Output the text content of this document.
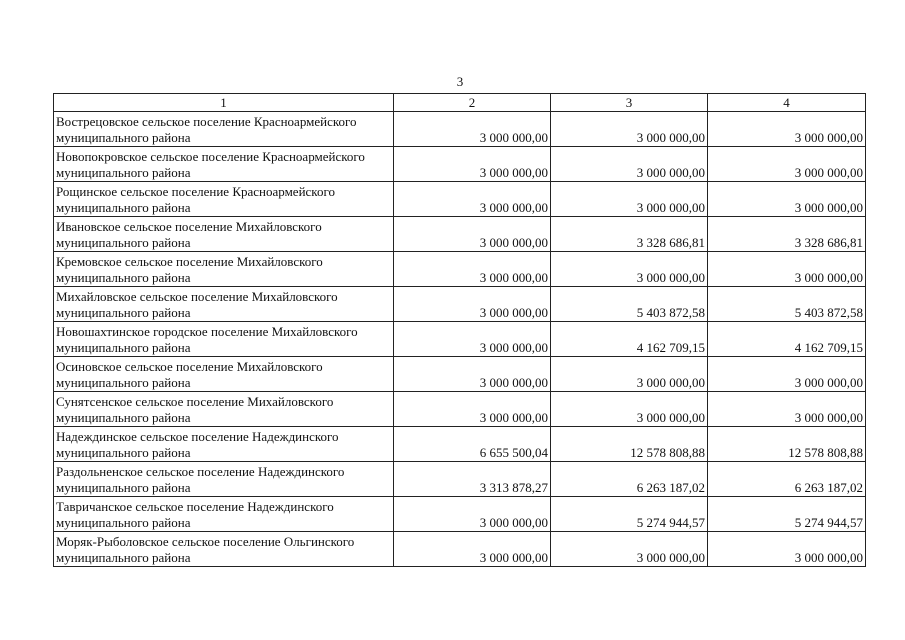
3
1	2	3	4
Вострецовское сельское поселение Красноармейского муниципального района	3 000 000,00	3 000 000,00	3 000 000,00
Новопокровское сельское поселение Красноармейского муниципального района	3 000 000,00	3 000 000,00	3 000 000,00
Рощинское сельское поселение Красноармейского муниципального района	3 000 000,00	3 000 000,00	3 000 000,00
Ивановское сельское поселение Михайловского муниципального района	3 000 000,00	3 328 686,81	3 328 686,81
Кремовское сельское поселение Михайловского муниципального района	3 000 000,00	3 000 000,00	3 000 000,00
Михайловское сельское поселение Михайловского муниципального района	3 000 000,00	5 403 872,58	5 403 872,58
Новошахтинское городское поселение Михайловского муниципального района	3 000 000,00	4 162 709,15	4 162 709,15
Осиновское сельское поселение Михайловского муниципального района	3 000 000,00	3 000 000,00	3 000 000,00
Сунятсенское сельское поселение Михайловского муниципального района	3 000 000,00	3 000 000,00	3 000 000,00
Надеждинское сельское поселение Надеждинского муниципального района	6 655 500,04	12 578 808,88	12 578 808,88
Раздольненское сельское поселение Надеждинского муниципального района	3 313 878,27	6 263 187,02	6 263 187,02
Тавричанское сельское поселение Надеждинского муниципального района	3 000 000,00	5 274 944,57	5 274 944,57
Моряк-Рыболовское сельское поселение Ольгинского муниципального района	3 000 000,00	3 000 000,00	3 000 000,00
